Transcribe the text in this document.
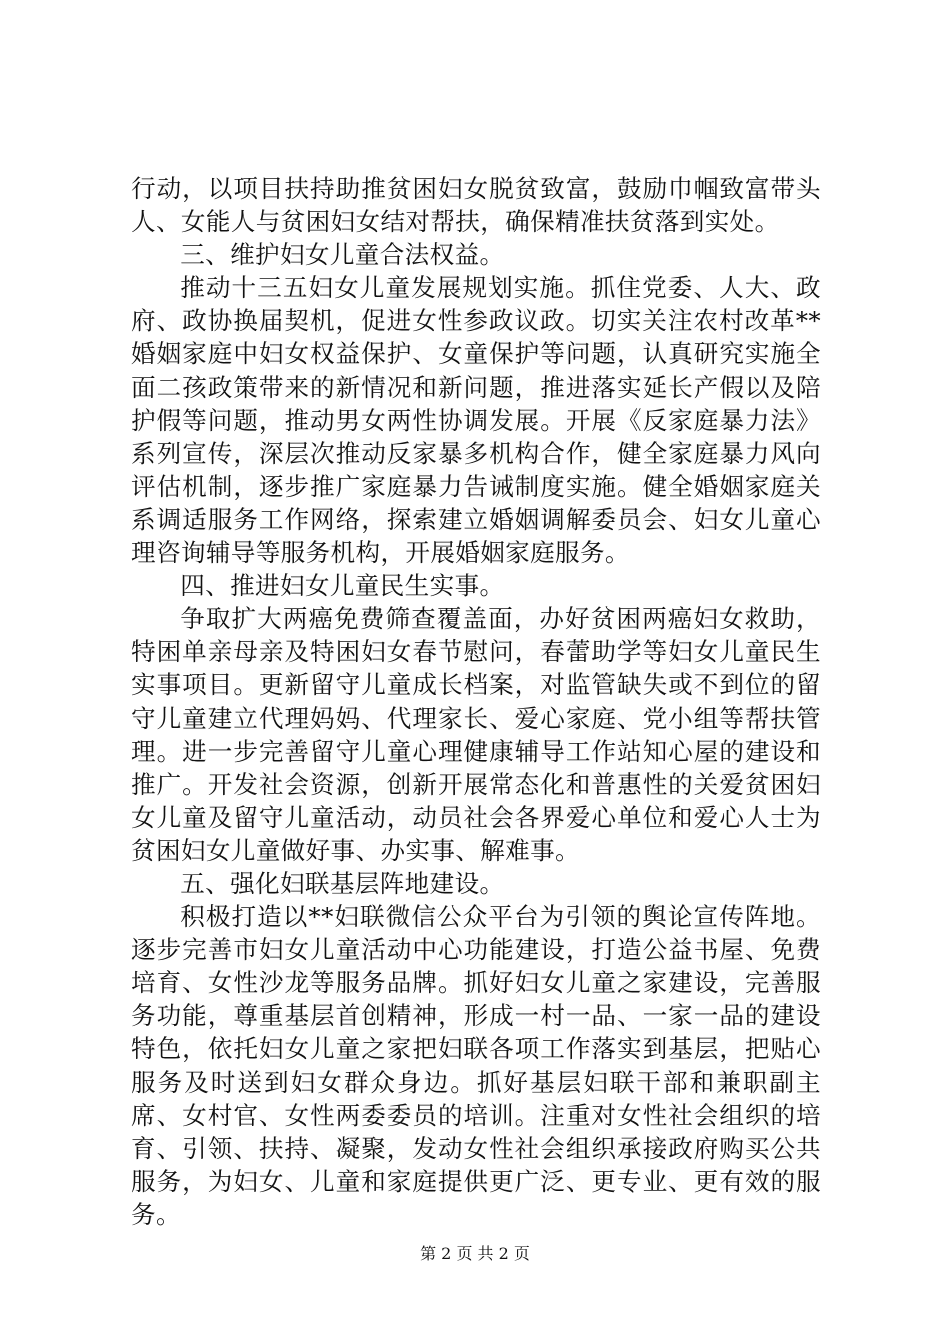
行动，以项目扶持助推贫困妇女脱贫致富，鼓励巾帼致富带头人、女能人与贫困妇女结对帮扶，确保精准扶贫落到实处。

三、维护妇女儿童合法权益。

推动十三五妇女儿童发展规划实施。抓住党委、人大、政府、政协换届契机，促进女性参政议政。切实关注农村改革**婚姻家庭中妇女权益保护、女童保护等问题，认真研究实施全面二孩政策带来的新情况和新问题，推进落实延长产假以及陪护假等问题，推动男女两性协调发展。开展《反家庭暴力法》系列宣传，深层次推动反家暴多机构合作，健全家庭暴力风向评估机制，逐步推广家庭暴力告诫制度实施。健全婚姻家庭关系调适服务工作网络，探索建立婚姻调解委员会、妇女儿童心理咨询辅导等服务机构，开展婚姻家庭服务。

四、推进妇女儿童民生实事。

争取扩大两癌免费筛查覆盖面，办好贫困两癌妇女救助，特困单亲母亲及特困妇女春节慰问，春蕾助学等妇女儿童民生实事项目。更新留守儿童成长档案，对监管缺失或不到位的留守儿童建立代理妈妈、代理家长、爱心家庭、党小组等帮扶管理。进一步完善留守儿童心理健康辅导工作站知心屋的建设和推广。开发社会资源，创新开展常态化和普惠性的关爱贫困妇女儿童及留守儿童活动，动员社会各界爱心单位和爱心人士为贫困妇女儿童做好事、办实事、解难事。

五、强化妇联基层阵地建设。

积极打造以**妇联微信公众平台为引领的舆论宣传阵地。逐步完善市妇女儿童活动中心功能建设，打造公益书屋、免费培育、女性沙龙等服务品牌。抓好妇女儿童之家建设，完善服务功能，尊重基层首创精神，形成一村一品、一家一品的建设特色，依托妇女儿童之家把妇联各项工作落实到基层，把贴心服务及时送到妇女群众身边。抓好基层妇联干部和兼职副主席、女村官、女性两委委员的培训。注重对女性社会组织的培育、引领、扶持、凝聚，发动女性社会组织承接政府购买公共服务，为妇女、儿童和家庭提供更广泛、更专业、更有效的服务。

第 2 页 共 2 页
